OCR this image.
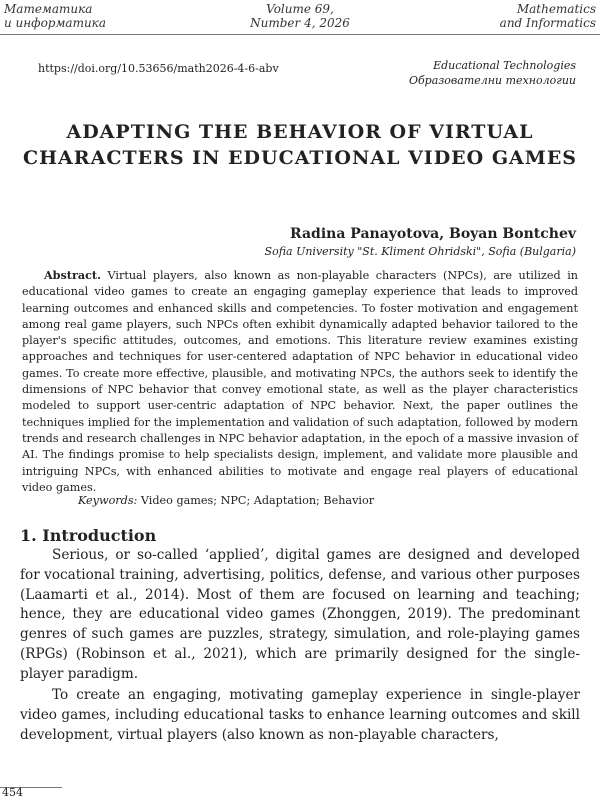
Математика
и информатика
Volume 69,
Number 4, 2026
Mathematics
and Informatics
https://doi.org/10.53656/math2026-4-6-abv	Educational Technologies
Образователни технологии
ADAPTING THE BEHAVIOR OF VIRTUAL CHARACTERS IN EDUCATIONAL VIDEO GAMES
Radina Panayotova, Boyan Bontchev
Sofia University "St. Kliment Ohridski", Sofia (Bulgaria)
Abstract. Virtual players, also known as non-playable characters (NPCs), are utilized in educational video games to create an engaging gameplay experience that leads to improved learning outcomes and enhanced skills and competencies. To foster motivation and engagement among real game players, such NPCs often exhibit dynamically adapted behavior tailored to the player's specific attitudes, outcomes, and emotions. This literature review examines existing approaches and techniques for user-centered adaptation of NPC behavior in educational video games. To create more effective, plausible, and motivating NPCs, the authors seek to identify the dimensions of NPC behavior that convey emotional state, as well as the player characteristics modeled to support user-centric adaptation of NPC behavior. Next, the paper outlines the techniques implied for the implementation and validation of such adaptation, followed by modern trends and research challenges in NPC behavior adaptation, in the epoch of a massive invasion of AI. The findings promise to help specialists design, implement, and validate more plausible and intriguing NPCs, with enhanced abilities to motivate and engage real players of educational video games.
Keywords: Video games; NPC; Adaptation; Behavior
1. Introduction
Serious, or so-called ‘applied’, digital games are designed and developed for vocational training, advertising, politics, defense, and various other purposes (Laamarti et al., 2014). Most of them are focused on learning and teaching; hence, they are educational video games (Zhonggen, 2019). The predominant genres of such games are puzzles, strategy, simulation, and role-playing games (RPGs) (Robinson et al., 2021), which are primarily designed for the single-player paradigm.
To create an engaging, motivating gameplay experience in single-player video games, including educational tasks to enhance learning outcomes and skill development, virtual players (also known as non-playable characters,
454
